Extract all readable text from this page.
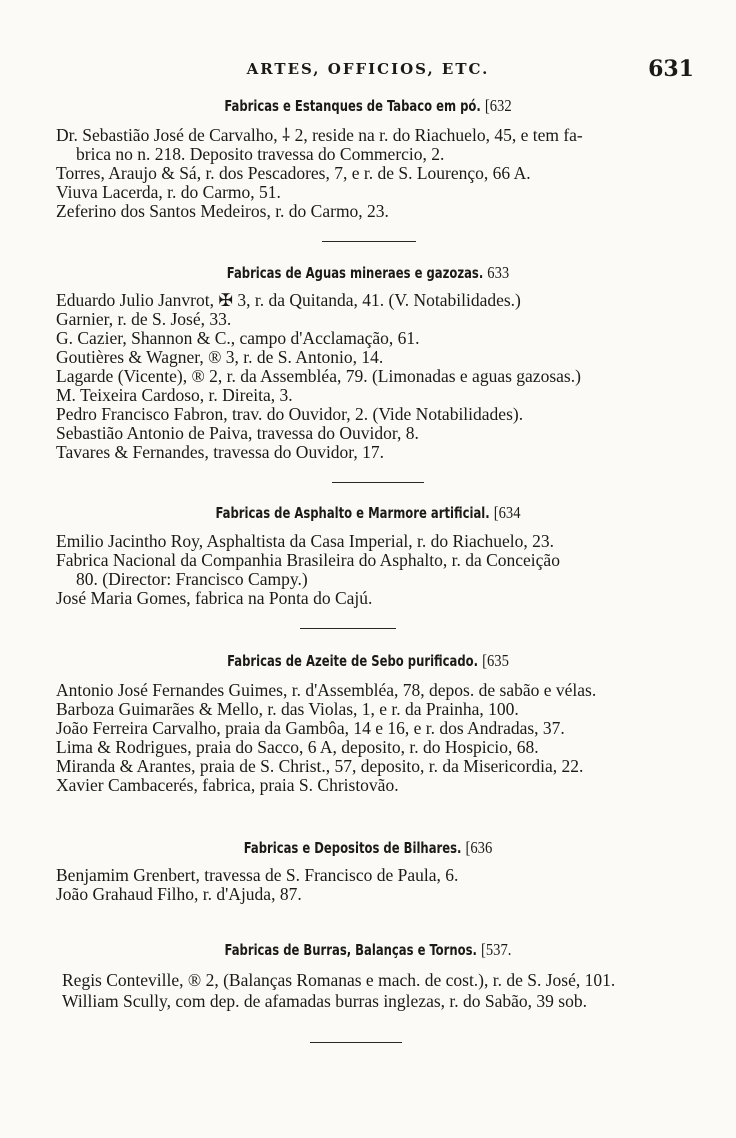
ARTES, OFFICIOS, ETC.	631
Fabricas e Estanques de Tabaco em pó. [632
Dr. Sebastião José de Carvalho, ⸸ 2, reside na r. do Riachuelo, 45, e tem fa-
brica no n. 218. Deposito travessa do Commercio, 2.
Torres, Araujo & Sá, r. dos Pescadores, 7, e r. de S. Lourenço, 66 A.
Viuva Lacerda, r. do Carmo, 51.
Zeferino dos Santos Medeiros, r. do Carmo, 23.
Fabricas de Aguas mineraes e gazozas. 633
Eduardo Julio Janvrot, ✠ 3, r. da Quitanda, 41. (V. Notabilidades.)
Garnier, r. de S. José, 33.
G. Cazier, Shannon & C., campo d'Acclamação, 61.
Goutières & Wagner, ® 3, r. de S. Antonio, 14.
Lagarde (Vicente), ® 2, r. da Assembléa, 79. (Limonadas e aguas gazosas.)
M. Teixeira Cardoso, r. Direita, 3.
Pedro Francisco Fabron, trav. do Ouvidor, 2. (Vide Notabilidades).
Sebastião Antonio de Paiva, travessa do Ouvidor, 8.
Tavares & Fernandes, travessa do Ouvidor, 17.
Fabricas de Asphalto e Marmore artificial. [634
Emilio Jacintho Roy, Asphaltista da Casa Imperial, r. do Riachuelo, 23.
Fabrica Nacional da Companhia Brasileira do Asphalto, r. da Conceição
80. (Director: Francisco Campy.)
José Maria Gomes, fabrica na Ponta do Cajú.
Fabricas de Azeite de Sebo purificado. [635
Antonio José Fernandes Guimes, r. d'Assembléa, 78, depos. de sabão e vélas.
Barboza Guimarães & Mello, r. das Violas, 1, e r. da Prainha, 100.
João Ferreira Carvalho, praia da Gambôa, 14 e 16, e r. dos Andradas, 37.
Lima & Rodrigues, praia do Sacco, 6 A, deposito, r. do Hospicio, 68.
Miranda & Arantes, praia de S. Christ., 57, deposito, r. da Misericordia, 22.
Xavier Cambacerés, fabrica, praia S. Christovão.
Fabricas e Depositos de Bilhares. [636
Benjamim Grenbert, travessa de S. Francisco de Paula, 6.
João Grahaud Filho, r. d'Ajuda, 87.
Fabricas de Burras, Balanças e Tornos. [537.
Regis Conteville, ® 2, (Balanças Romanas e mach. de cost.), r. de S. José, 101.
William Scully, com dep. de afamadas burras inglezas, r. do Sabão, 39 sob.
